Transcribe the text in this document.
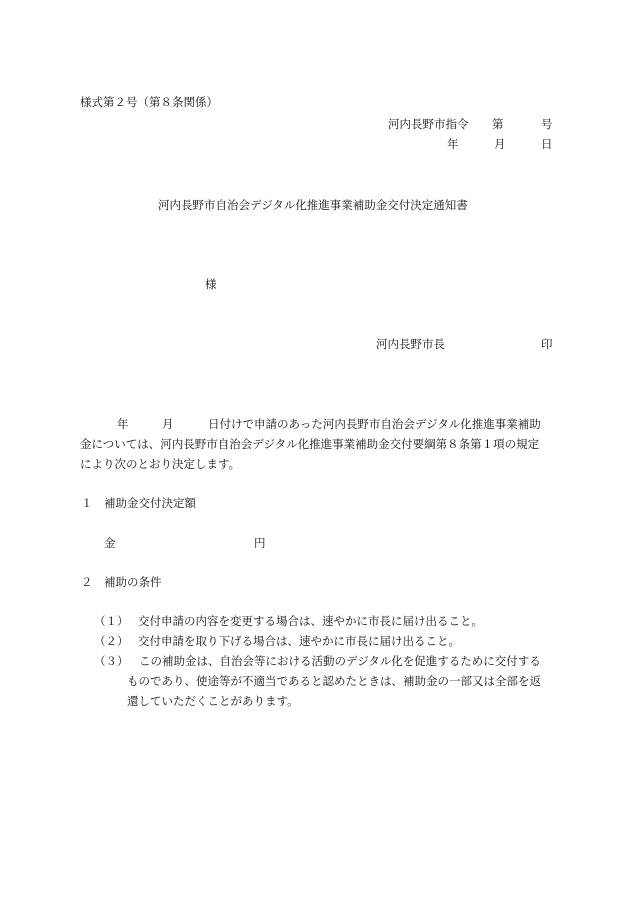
様式第２号（第８条関係）
河内長野市指令 第	号
年	月	日
河内長野市自治会デジタル化推進事業補助金交付決定通知書
様
河内長野市長	印
年	月	日付けで申請のあった河内長野市自治会デジタル化推進事業補助
金については、河内長野市自治会デジタル化推進事業補助金交付要綱第８条第１項の規定
により次のとおり決定します。
１ 補助金交付決定額
金	円
２ 補助の条件
（１） 交付申請の内容を変更する場合は、速やかに市長に届け出ること。
（２） 交付申請を取り下げる場合は、速やかに市長に届け出ること。
（３） この補助金は、自治会等における活動のデジタル化を促進するために交付する
ものであり、使途等が不適当であると認めたときは、補助金の一部又は全部を返
還していただくことがあります。
